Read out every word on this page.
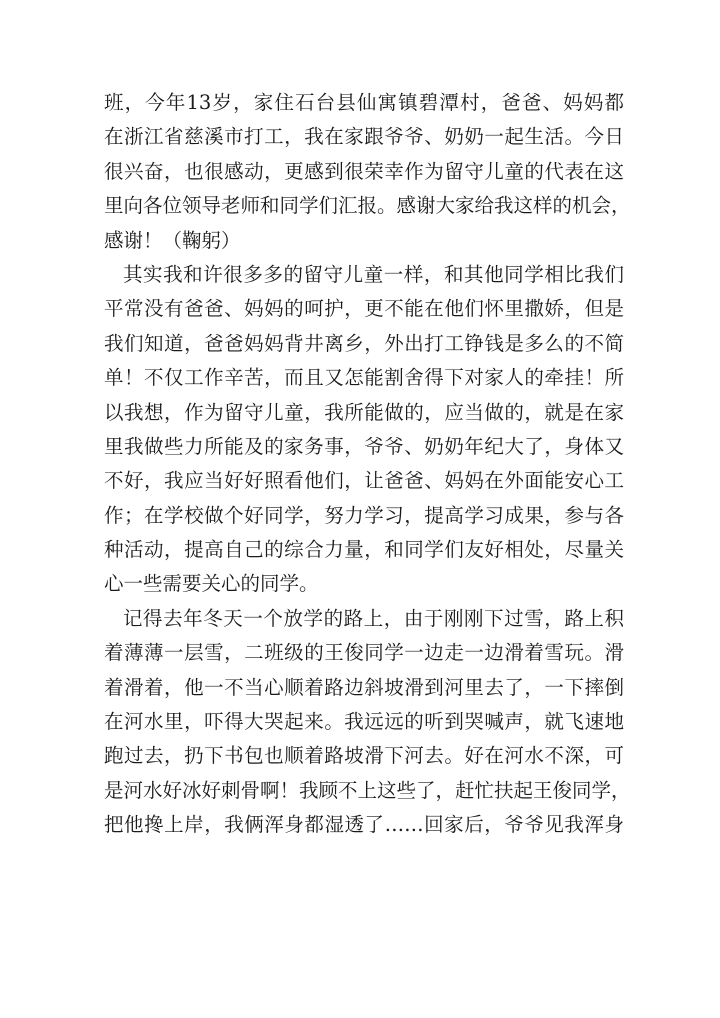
班，今年13岁，家住石台县仙寓镇碧潭村，爸爸、妈妈都
在浙江省慈溪市打工，我在家跟爷爷、奶奶一起生活。今日
很兴奋，也很感动，更感到很荣幸作为留守儿童的代表在这
里向各位领导老师和同学们汇报。感谢大家给我这样的机会，
感谢！（鞠躬）
其实我和许很多多的留守儿童一样，和其他同学相比我们
平常没有爸爸、妈妈的呵护，更不能在他们怀里撒娇，但是
我们知道，爸爸妈妈背井离乡，外出打工铮钱是多么的不简
单！不仅工作辛苦，而且又怎能割舍得下对家人的牵挂！所
以我想，作为留守儿童，我所能做的，应当做的，就是在家
里我做些力所能及的家务事，爷爷、奶奶年纪大了，身体又
不好，我应当好好照看他们，让爸爸、妈妈在外面能安心工
作；在学校做个好同学，努力学习，提高学习成果，参与各
种活动，提高自己的综合力量，和同学们友好相处，尽量关
心一些需要关心的同学。
记得去年冬天一个放学的路上，由于刚刚下过雪，路上积
着薄薄一层雪，二班级的王俊同学一边走一边滑着雪玩。滑
着滑着，他一不当心顺着路边斜坡滑到河里去了，一下摔倒
在河水里，吓得大哭起来。我远远的听到哭喊声，就飞速地
跑过去，扔下书包也顺着路坡滑下河去。好在河水不深，可
是河水好冰好刺骨啊！我顾不上这些了，赶忙扶起王俊同学，
把他搀上岸，我俩浑身都湿透了……回家后，爷爷见我浑身
